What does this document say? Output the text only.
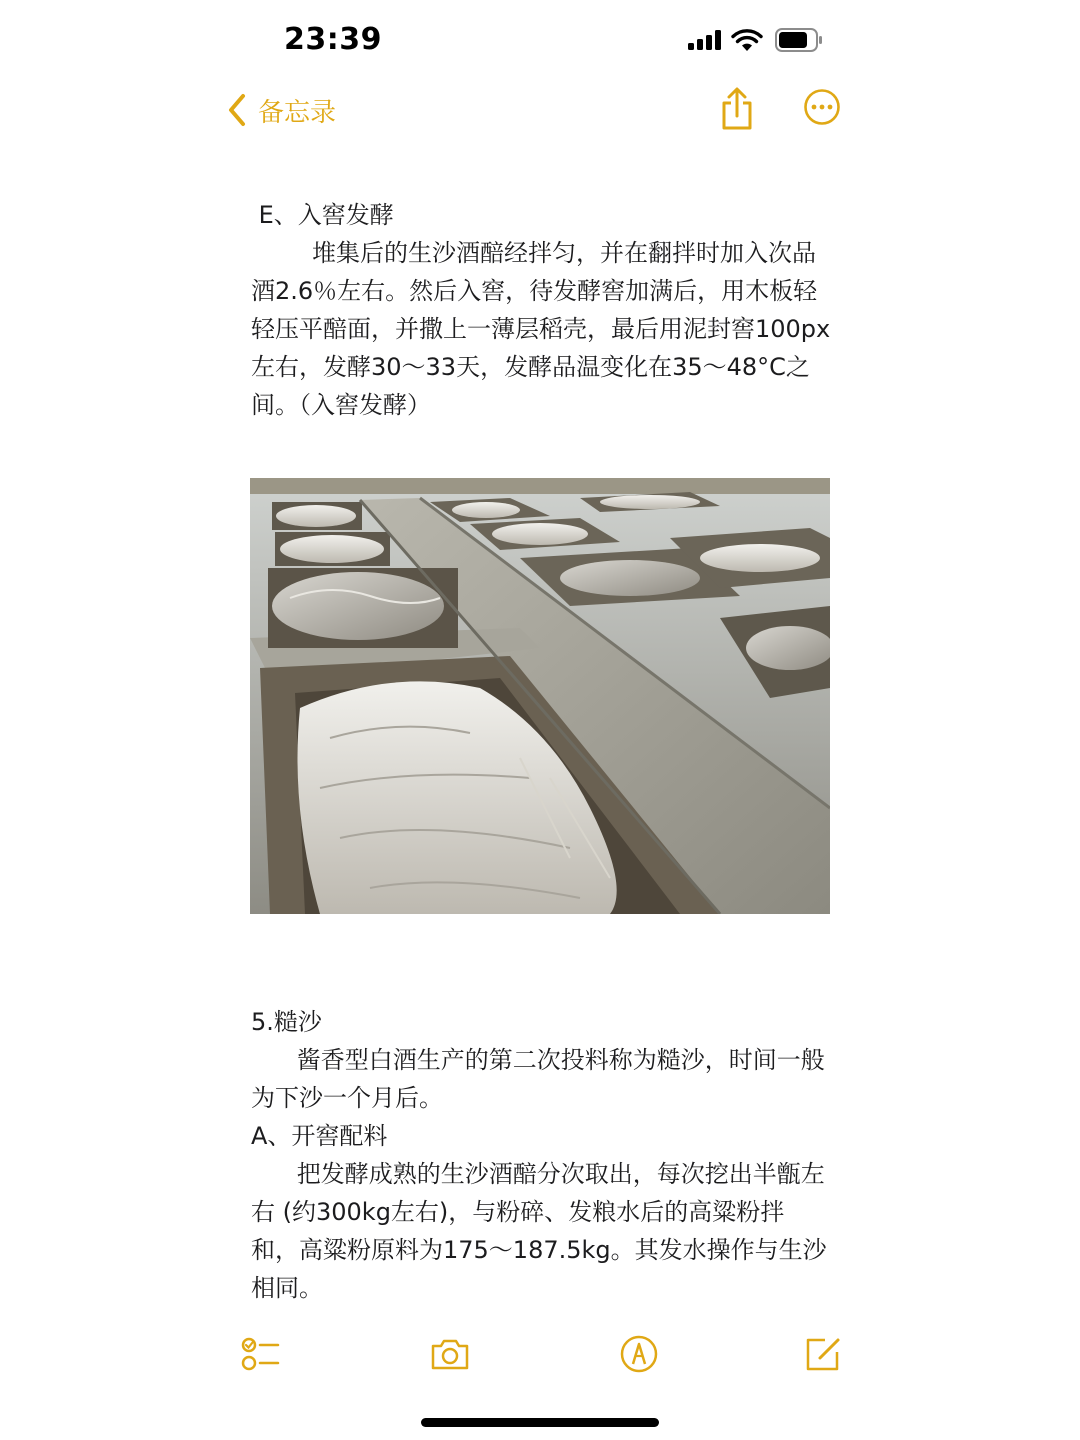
23:39
备忘录
E、入窖发酵
堆集后的生沙酒醅经拌匀，并在翻拌时加入次品酒2.6％左右。然后入窖，待发酵窖加满后，用木板轻轻压平醅面，并撒上一薄层稻壳，最后用泥封窖100px左右，发酵30～33天，发酵品温变化在35～48°C之间。（入窖发酵）
5.糙沙
酱香型白酒生产的第二次投料称为糙沙，时间一般为下沙一个月后。
A、开窖配料
把发酵成熟的生沙酒醅分次取出，每次挖出半甑左右 (约300kg左右)，与粉碎、发粮水后的高粱粉拌和，高粱粉原料为175～187.5kg。其发水操作与生沙相同。
